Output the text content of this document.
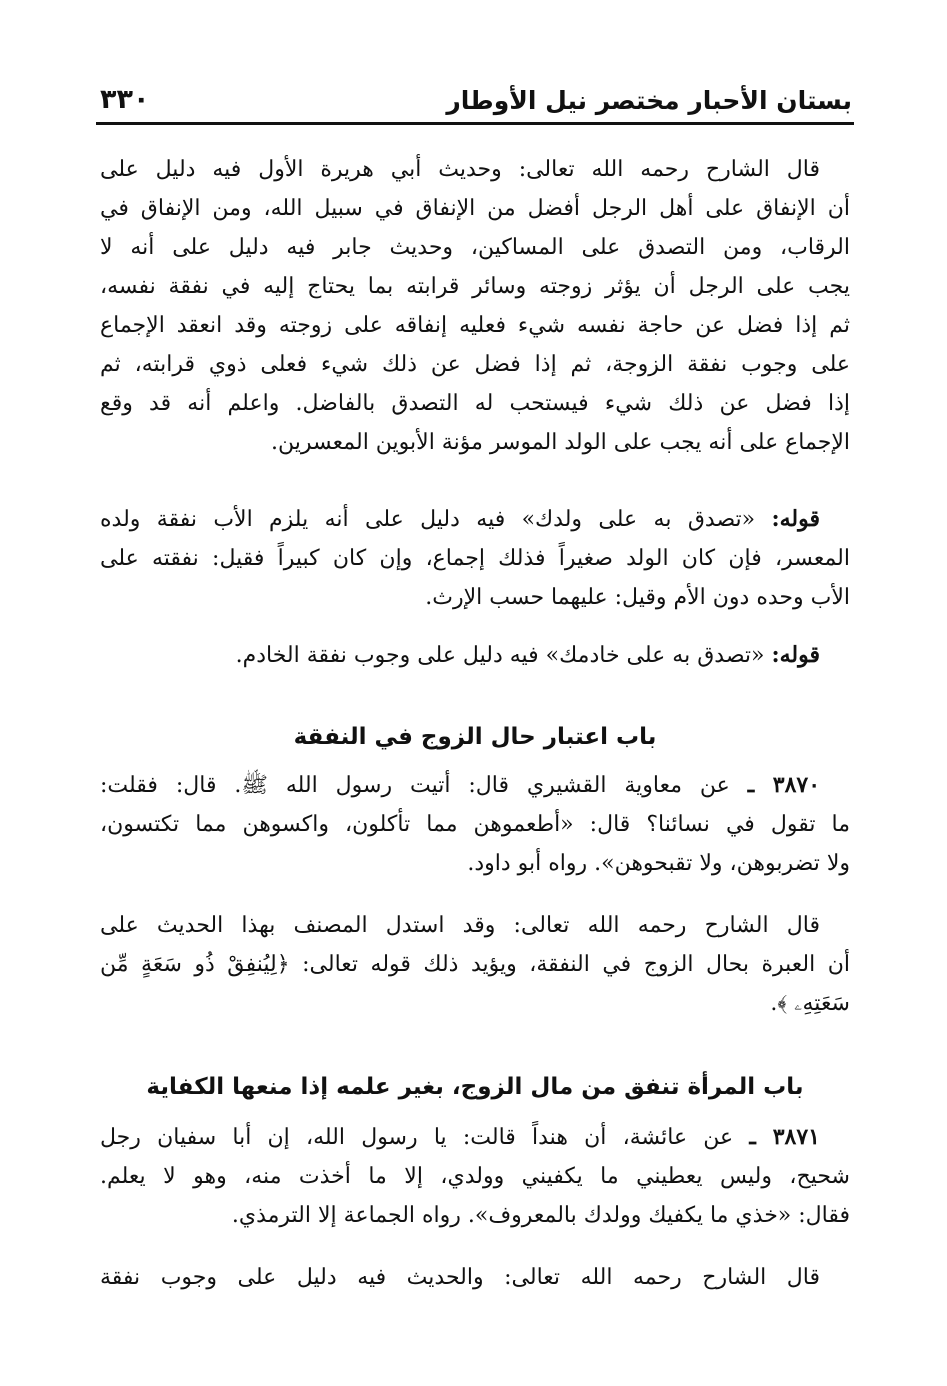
بستان الأحبار مختصر نيل الأوطار
٣٣٠
قال الشارح رحمه الله تعالى: وحديث أبي هريرة الأول فيه دليل على
أن الإنفاق على أهل الرجل أفضل من الإنفاق في سبيل الله، ومن الإنفاق في
الرقاب، ومن التصدق على المساكين، وحديث جابر فيه دليل على أنه لا
يجب على الرجل أن يؤثر زوجته وسائر قرابته بما يحتاج إليه في نفقة نفسه،
ثم إذا فضل عن حاجة نفسه شيء فعليه إنفاقه على زوجته وقد انعقد الإجماع
على وجوب نفقة الزوجة، ثم إذا فضل عن ذلك شيء فعلى ذوي قرابته، ثم
إذا فضل عن ذلك شيء فيستحب له التصدق بالفاضل. واعلم أنه قد وقع
الإجماع على أنه يجب على الولد الموسر مؤنة الأبوين المعسرين.
قوله: «تصدق به على ولدك» فيه دليل على أنه يلزم الأب نفقة ولده
المعسر، فإن كان الولد صغيراً فذلك إجماع، وإن كان كبيراً فقيل: نفقته على
الأب وحده دون الأم وقيل: عليهما حسب الإرث.
قوله: «تصدق به على خادمك» فيه دليل على وجوب نفقة الخادم.
باب اعتبار حال الزوج في النفقة
٣٨٧٠ ـ عن معاوية القشيري قال: أتيت رسول الله ﷺ. قال: فقلت:
ما تقول في نسائنا؟ قال: «أطعموهن مما تأكلون، واكسوهن مما تكتسون،
ولا تضربوهن، ولا تقبحوهن». رواه أبو داود.
قال الشارح رحمه الله تعالى: وقد استدل المصنف بهذا الحديث على
أن العبرة بحال الزوج في النفقة، ويؤيد ذلك قوله تعالى: ﴿لِيُنفِقْ ذُو سَعَةٍ مِّن
سَعَتِهِۦ ﴾.
باب المرأة تنفق من مال الزوج، بغير علمه إذا منعها الكفاية
٣٨٧١ ـ عن عائشة، أن هنداً قالت: يا رسول الله، إن أبا سفيان رجل
شحيح، وليس يعطيني ما يكفيني وولدي، إلا ما أخذت منه، وهو لا يعلم.
فقال: «خذي ما يكفيك وولدك بالمعروف». رواه الجماعة إلا الترمذي.
قال الشارح رحمه الله تعالى: والحديث فيه دليل على وجوب نفقة
